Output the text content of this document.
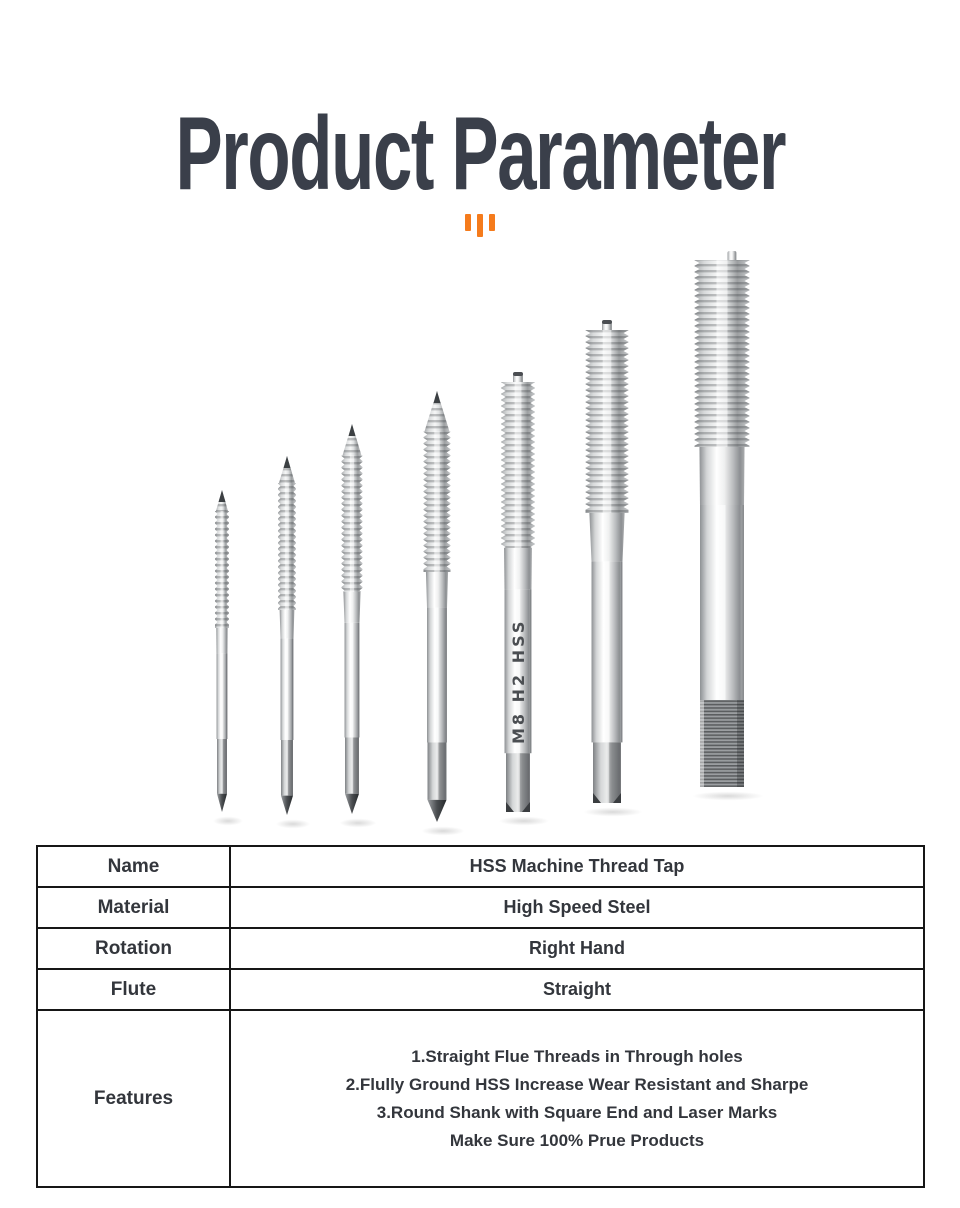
Product Parameter
M8 H2 HSS
Name	HSS Machine Thread Tap
Material	High Speed Steel
Rotation	Right Hand
Flute	Straight
Features	1.Straight Flue Threads in Through holes
2.Flully Ground HSS Increase Wear Resistant and Sharpe
3.Round Shank with Square End and Laser Marks
Make Sure 100% Prue Products
